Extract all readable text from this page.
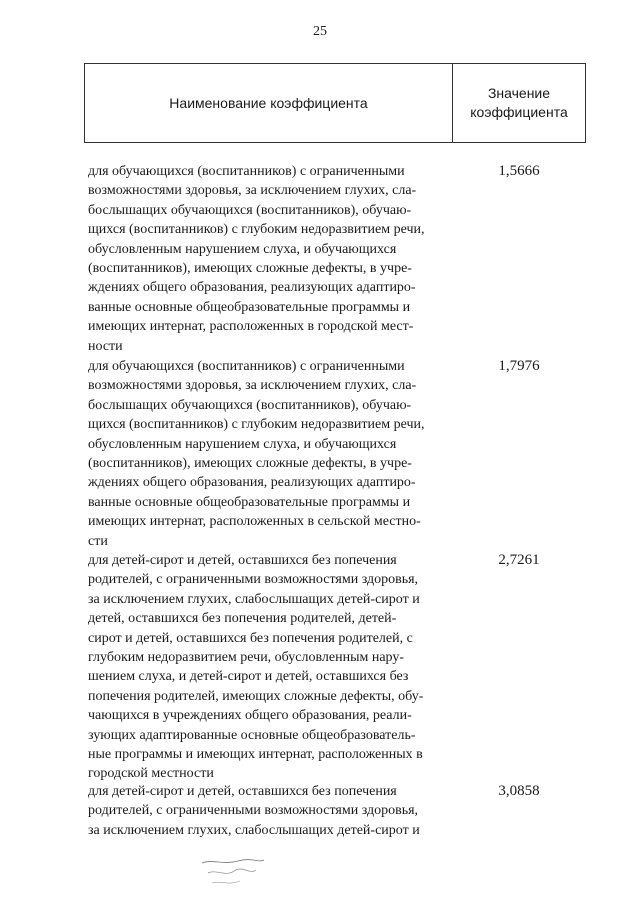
25
Наименование коэффициента
Значение
коэффициента
для обучающихся (воспитанников) с ограниченными
возможностями здоровья, за исключением глухих, сла-
бослышащих обучающихся (воспитанников), обучаю-
щихся (воспитанников) с глубоким недоразвитием речи,
обусловленным нарушением слуха, и обучающихся
(воспитанников), имеющих сложные дефекты, в учре-
ждениях общего образования, реализующих адаптиро-
ванные основные общеобразовательные программы и
имеющих интернат, расположенных в городской мест-
ности
1,5666
для обучающихся (воспитанников) с ограниченными
возможностями здоровья, за исключением глухих, сла-
бослышащих обучающихся (воспитанников), обучаю-
щихся (воспитанников) с глубоким недоразвитием речи,
обусловленным нарушением слуха, и обучающихся
(воспитанников), имеющих сложные дефекты, в учре-
ждениях общего образования, реализующих адаптиро-
ванные основные общеобразовательные программы и
имеющих интернат, расположенных в сельской местно-
сти
1,7976
для детей-сирот и детей, оставшихся без попечения
родителей, с ограниченными возможностями здоровья,
за исключением глухих, слабослышащих детей-сирот и
детей, оставшихся без попечения родителей, детей-
сирот и детей, оставшихся без попечения родителей, с
глубоким недоразвитием речи, обусловленным нару-
шением слуха, и детей-сирот и детей, оставшихся без
попечения родителей, имеющих сложные дефекты, обу-
чающихся в учреждениях общего образования, реали-
зующих адаптированные основные общеобразователь-
ные программы и имеющих интернат, расположенных в
городской местности
2,7261
для детей-сирот и детей, оставшихся без попечения
родителей, с ограниченными возможностями здоровья,
за исключением глухих, слабослышащих детей-сирот и
3,0858
